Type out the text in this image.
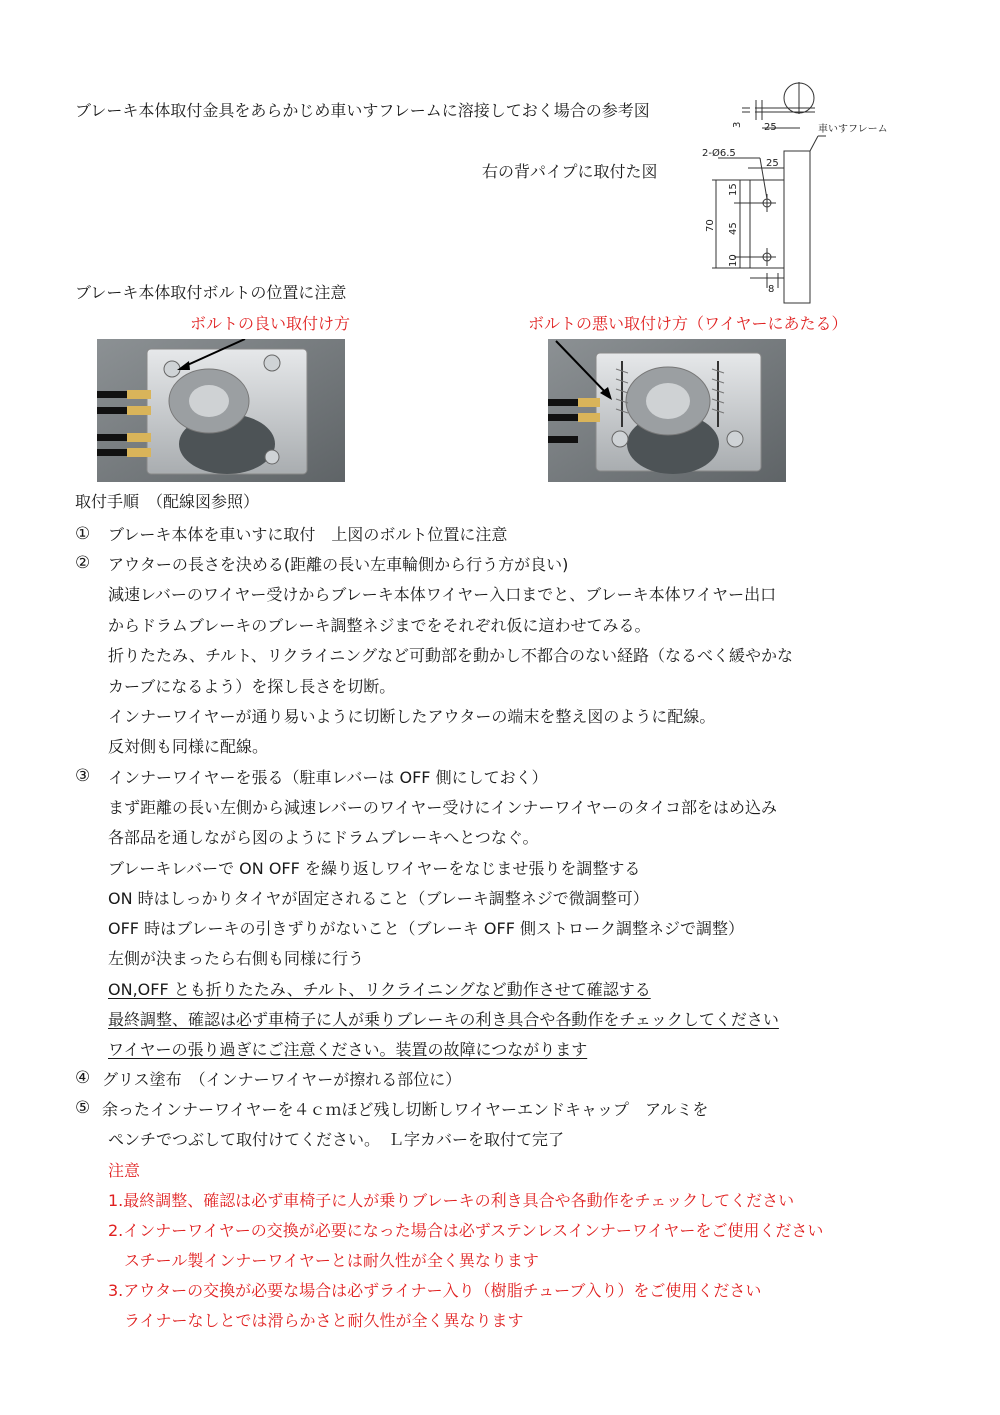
ブレーキ本体取付金具をあらかじめ車いすフレームに溶接しておく場合の参考図
右の背パイプに取付た図
車いすフレーム
2-Ø6.5
25
3
25
70
15
45
10
8
ブレーキ本体取付ボルトの位置に注意
ボルトの良い取付け方	ボルトの悪い取付け方（ワイヤーにあたる）
取付手順　（配線図参照）
① ブレーキ本体を車いすに取付　上図のボルト位置に注意
② アウターの長さを決める(距離の長い左車輪側から行う方が良い)
減速レバーのワイヤー受けからブレーキ本体ワイヤー入口までと、ブレーキ本体ワイヤー出口
からドラムブレーキのブレーキ調整ネジまでをそれぞれ仮に這わせてみる。
折りたたみ、チルト、リクライニングなど可動部を動かし不都合のない経路（なるべく緩やかな
カーブになるよう）を探し長さを切断。
インナーワイヤーが通り易いように切断したアウターの端末を整え図のように配線。
反対側も同様に配線。
③ インナーワイヤーを張る（駐車レバーは OFF 側にしておく）
まず距離の長い左側から減速レバーのワイヤー受けにインナーワイヤーのタイコ部をはめ込み
各部品を通しながら図のようにドラムブレーキへとつなぐ。
ブレーキレバーで ON OFF を繰り返しワイヤーをなじませ張りを調整する
ON 時はしっかりタイヤが固定されること（ブレーキ調整ネジで微調整可）
OFF 時はブレーキの引きずりがないこと（ブレーキ OFF 側ストローク調整ネジで調整）
左側が決まったら右側も同様に行う
ON,OFF とも折りたたみ、チルト、リクライニングなど動作させて確認する
最終調整、確認は必ず車椅子に人が乗りブレーキの利き具合や各動作をチェックしてください
ワイヤーの張り過ぎにご注意ください。装置の故障につながります
④ グリス塗布　（インナーワイヤーが擦れる部位に）
⑤ 余ったインナーワイヤーを４ｃｍほど残し切断しワイヤーエンドキャップ　アルミを
ペンチでつぶして取付けてください。　Ｌ字カバーを取付て完了
注意
1.最終調整、確認は必ず車椅子に人が乗りブレーキの利き具合や各動作をチェックしてください
2.インナーワイヤーの交換が必要になった場合は必ずステンレスインナーワイヤーをご使用ください
スチール製インナーワイヤーとは耐久性が全く異なります
3.アウターの交換が必要な場合は必ずライナー入り（樹脂チューブ入り）をご使用ください
ライナーなしとでは滑らかさと耐久性が全く異なります
